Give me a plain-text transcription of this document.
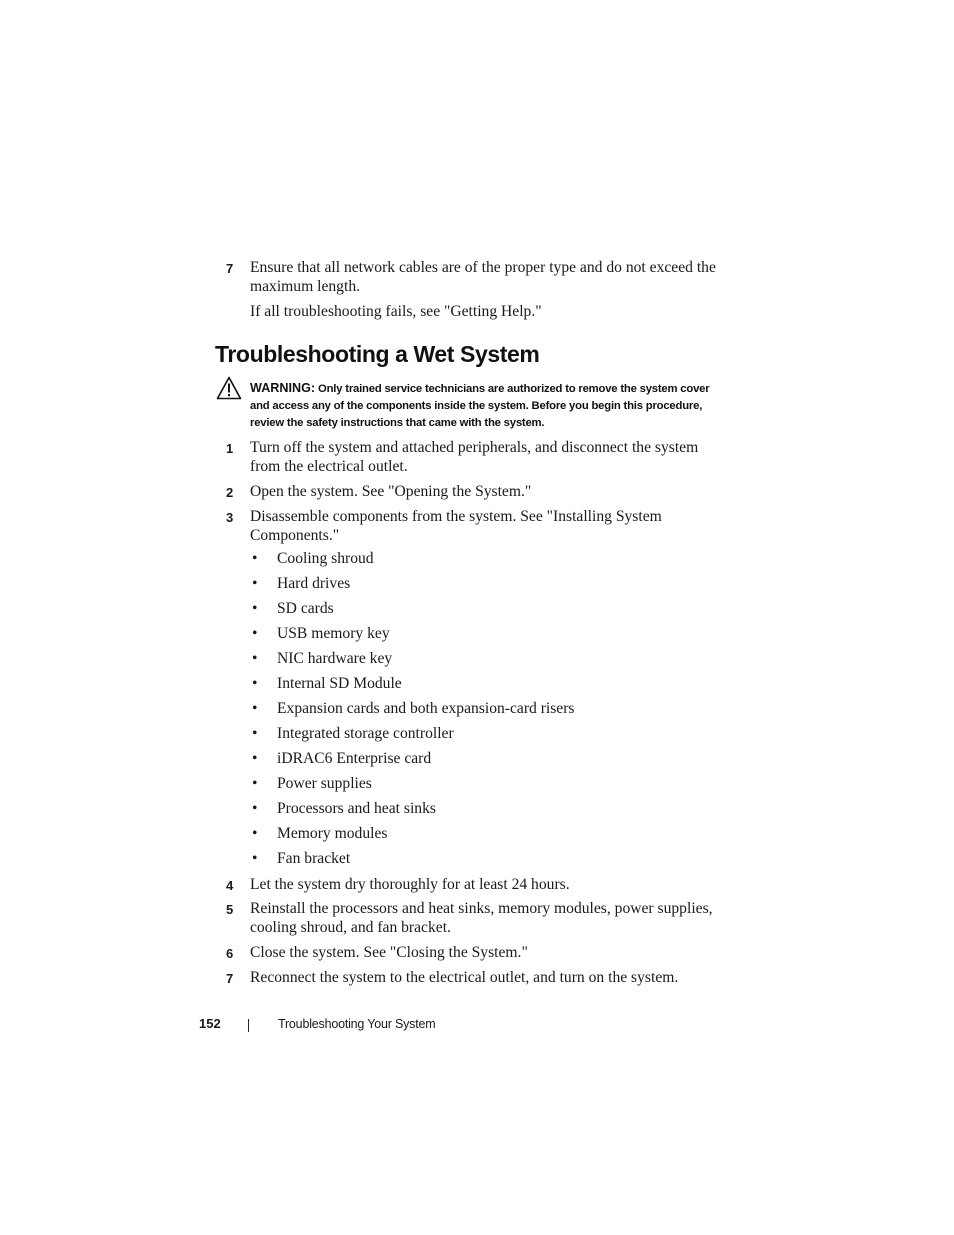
7 Ensure that all network cables are of the proper type and do not exceed the maximum length.
If all troubleshooting fails, see "Getting Help."
Troubleshooting a Wet System
WARNING: Only trained service technicians are authorized to remove the system cover and access any of the components inside the system. Before you begin this procedure, review the safety instructions that came with the system.
1 Turn off the system and attached peripherals, and disconnect the system from the electrical outlet.
2 Open the system. See "Opening the System."
3 Disassemble components from the system. See "Installing System Components."
• Cooling shroud
• Hard drives
• SD cards
• USB memory key
• NIC hardware key
• Internal SD Module
• Expansion cards and both expansion-card risers
• Integrated storage controller
• iDRAC6 Enterprise card
• Power supplies
• Processors and heat sinks
• Memory modules
• Fan bracket
4 Let the system dry thoroughly for at least 24 hours.
5 Reinstall the processors and heat sinks, memory modules, power supplies, cooling shroud, and fan bracket.
6 Close the system. See "Closing the System."
7 Reconnect the system to the electrical outlet, and turn on the system.
152	Troubleshooting Your System
